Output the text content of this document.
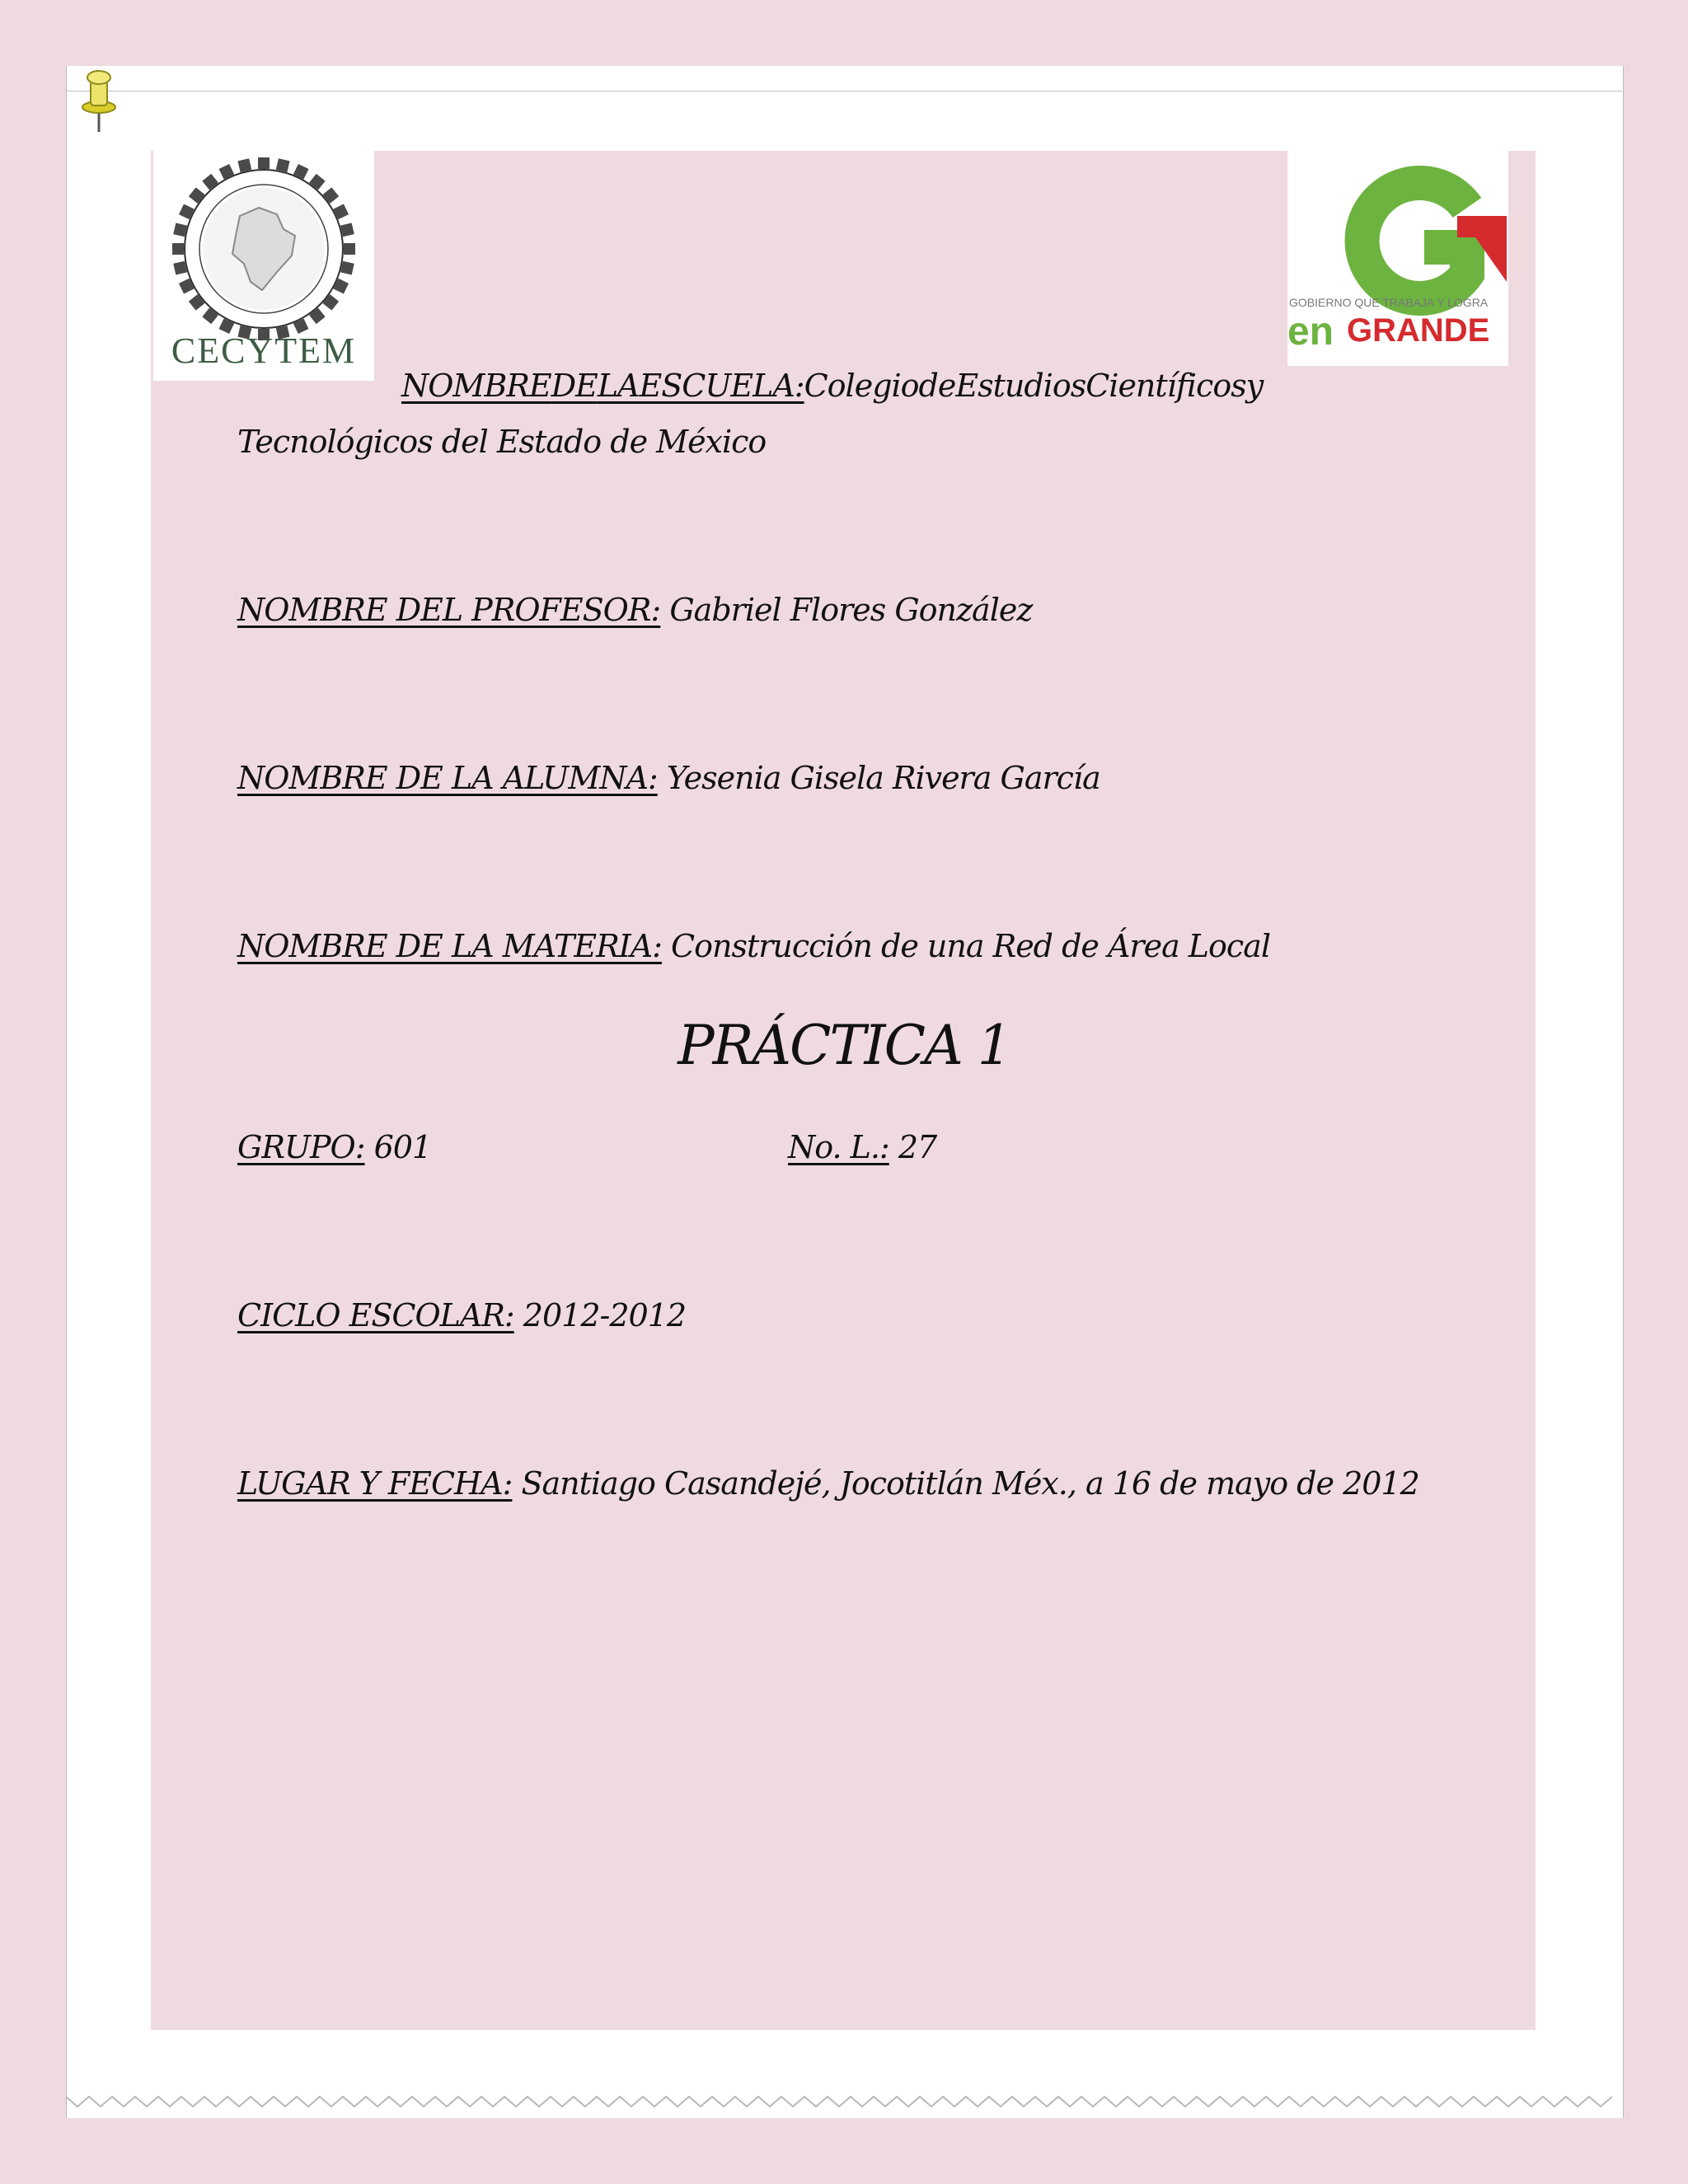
CECYTEM
GOBIERNO QUE TRABAJA Y LOGRA
en GRANDE
NOMBRE DE LA ESCUELA: Colegio de Estudios Científicos y
Tecnológicos del Estado de México
NOMBRE DEL PROFESOR: Gabriel Flores González
NOMBRE DE LA ALUMNA: Yesenia Gisela Rivera García
NOMBRE DE LA MATERIA: Construcción de una Red de Área Local
PRÁCTICA 1
GRUPO: 601	No. L.: 27
CICLO ESCOLAR: 2012-2012
LUGAR Y FECHA: Santiago Casandejé, Jocotitlán Méx., a 16 de mayo de 2012
